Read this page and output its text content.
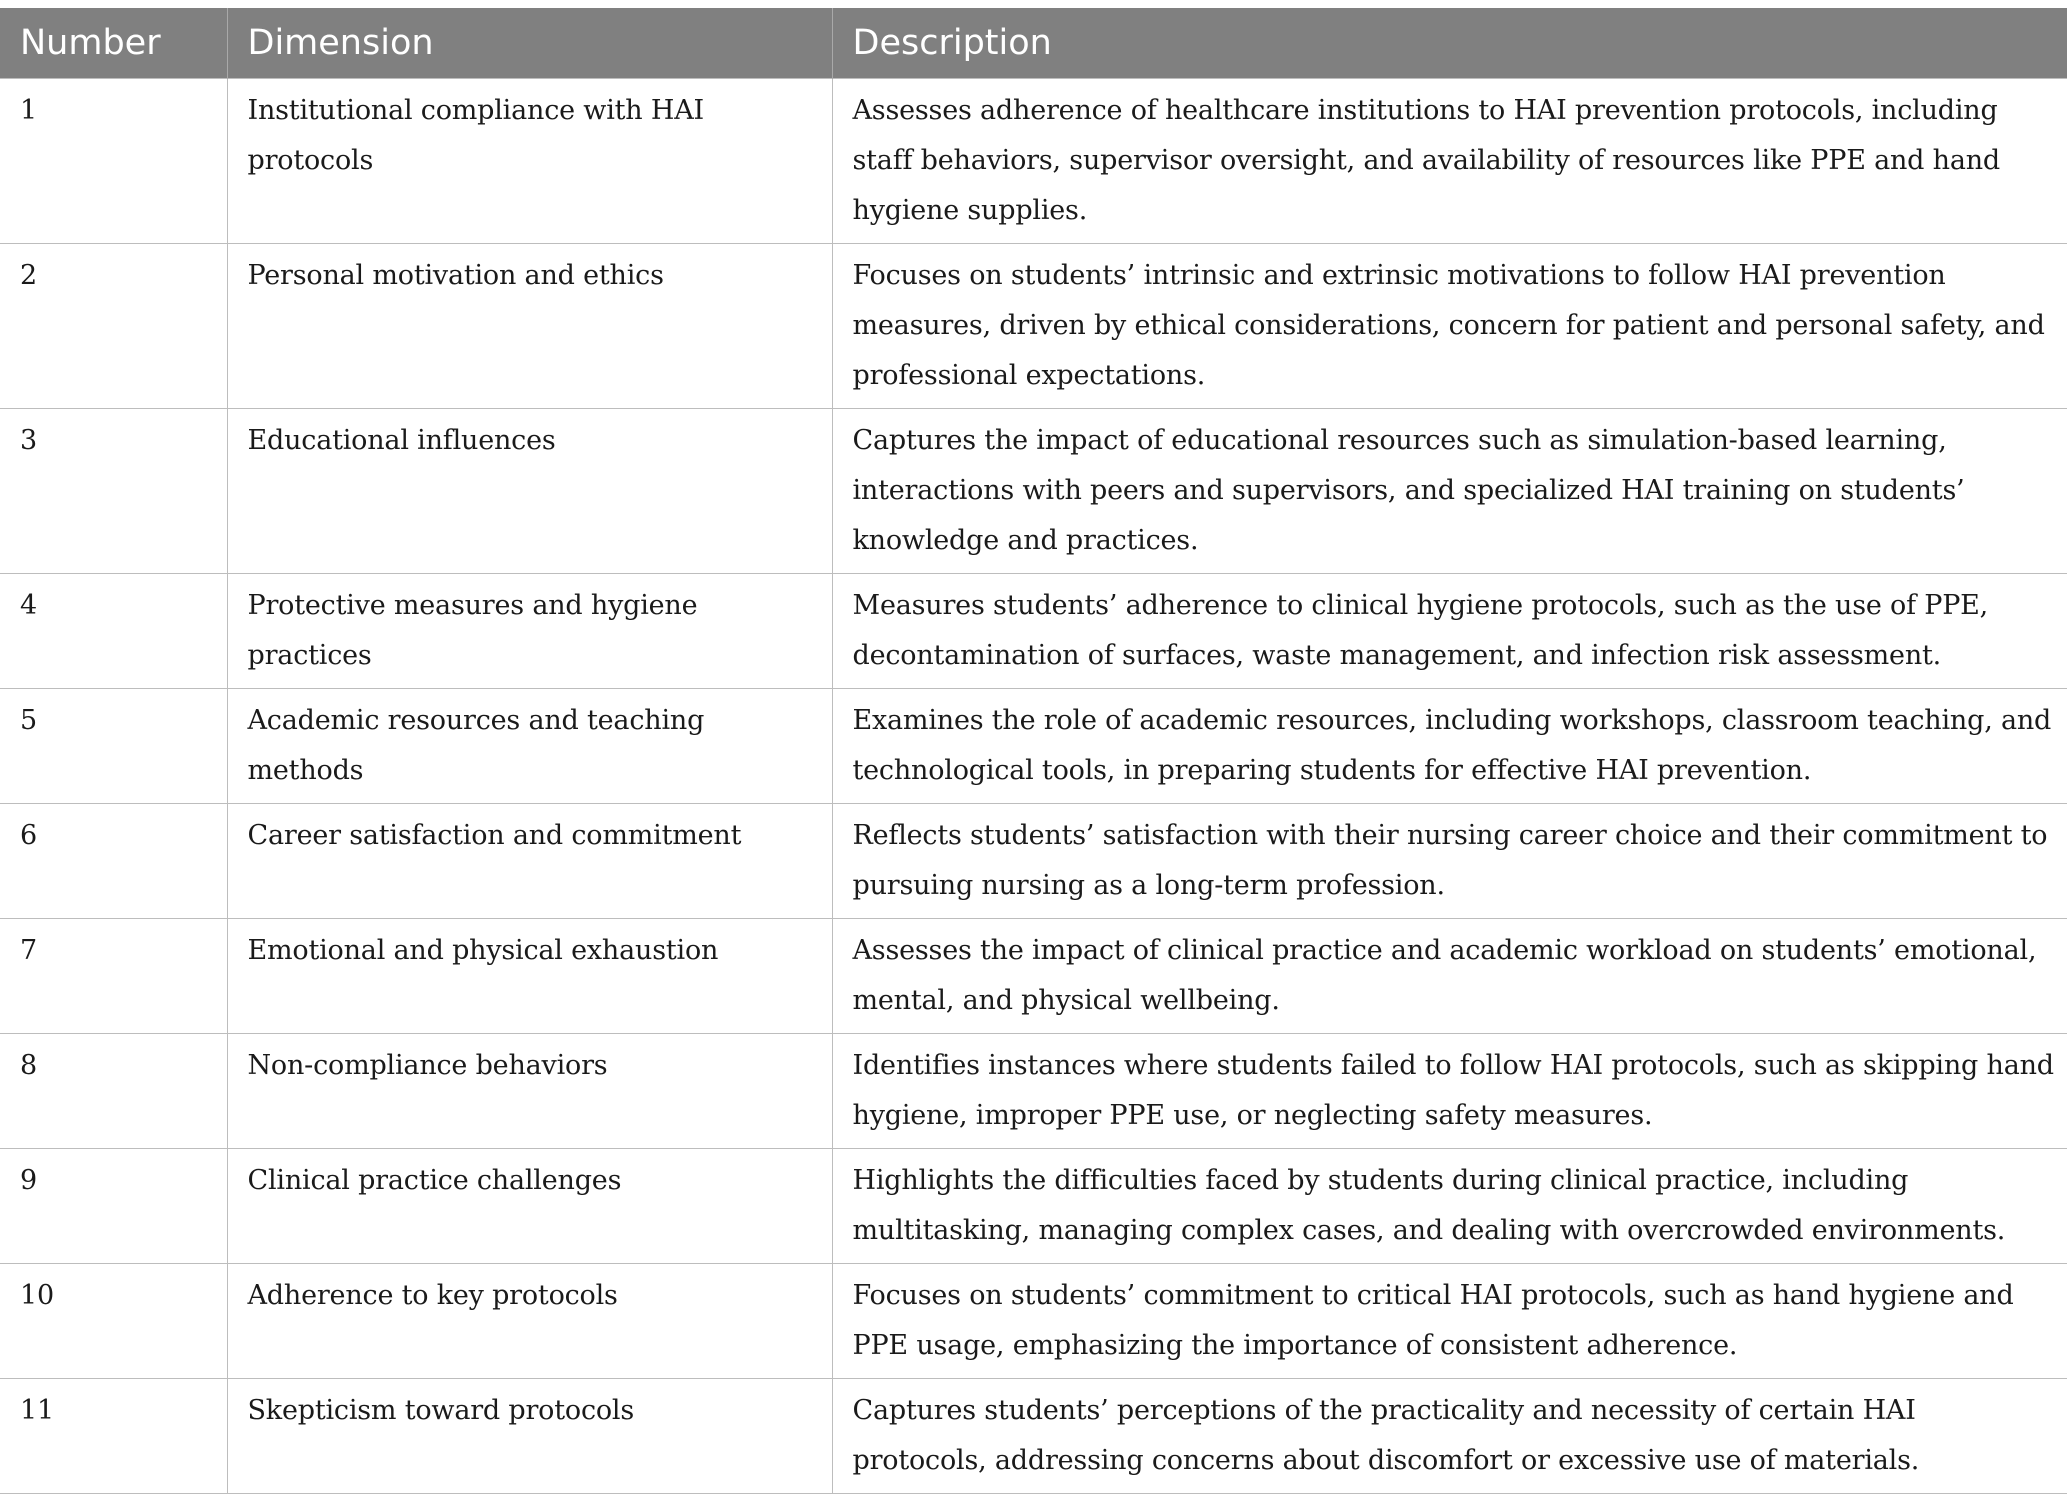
Number	Dimension	Description
1	Institutional compliance with HAI protocols	Assesses adherence of healthcare institutions to HAI prevention protocols, including staff behaviors, supervisor oversight, and availability of resources like PPE and hand hygiene supplies.
2	Personal motivation and ethics	Focuses on students’ intrinsic and extrinsic motivations to follow HAI prevention measures, driven by ethical considerations, concern for patient and personal safety, and professional expectations.
3	Educational influences	Captures the impact of educational resources such as simulation-based learning, interactions with peers and supervisors, and specialized HAI training on students’ knowledge and practices.
4	Protective measures and hygiene practices	Measures students’ adherence to clinical hygiene protocols, such as the use of PPE, decontamination of surfaces, waste management, and infection risk assessment.
5	Academic resources and teaching methods	Examines the role of academic resources, including workshops, classroom teaching, and technological tools, in preparing students for effective HAI prevention.
6	Career satisfaction and commitment	Reflects students’ satisfaction with their nursing career choice and their commitment to pursuing nursing as a long-term profession.
7	Emotional and physical exhaustion	Assesses the impact of clinical practice and academic workload on students’ emotional, mental, and physical wellbeing.
8	Non-compliance behaviors	Identifies instances where students failed to follow HAI protocols, such as skipping hand hygiene, improper PPE use, or neglecting safety measures.
9	Clinical practice challenges	Highlights the difficulties faced by students during clinical practice, including multitasking, managing complex cases, and dealing with overcrowded environments.
10	Adherence to key protocols	Focuses on students’ commitment to critical HAI protocols, such as hand hygiene and PPE usage, emphasizing the importance of consistent adherence.
11	Skepticism toward protocols	Captures students’ perceptions of the practicality and necessity of certain HAI protocols, addressing concerns about discomfort or excessive use of materials.
